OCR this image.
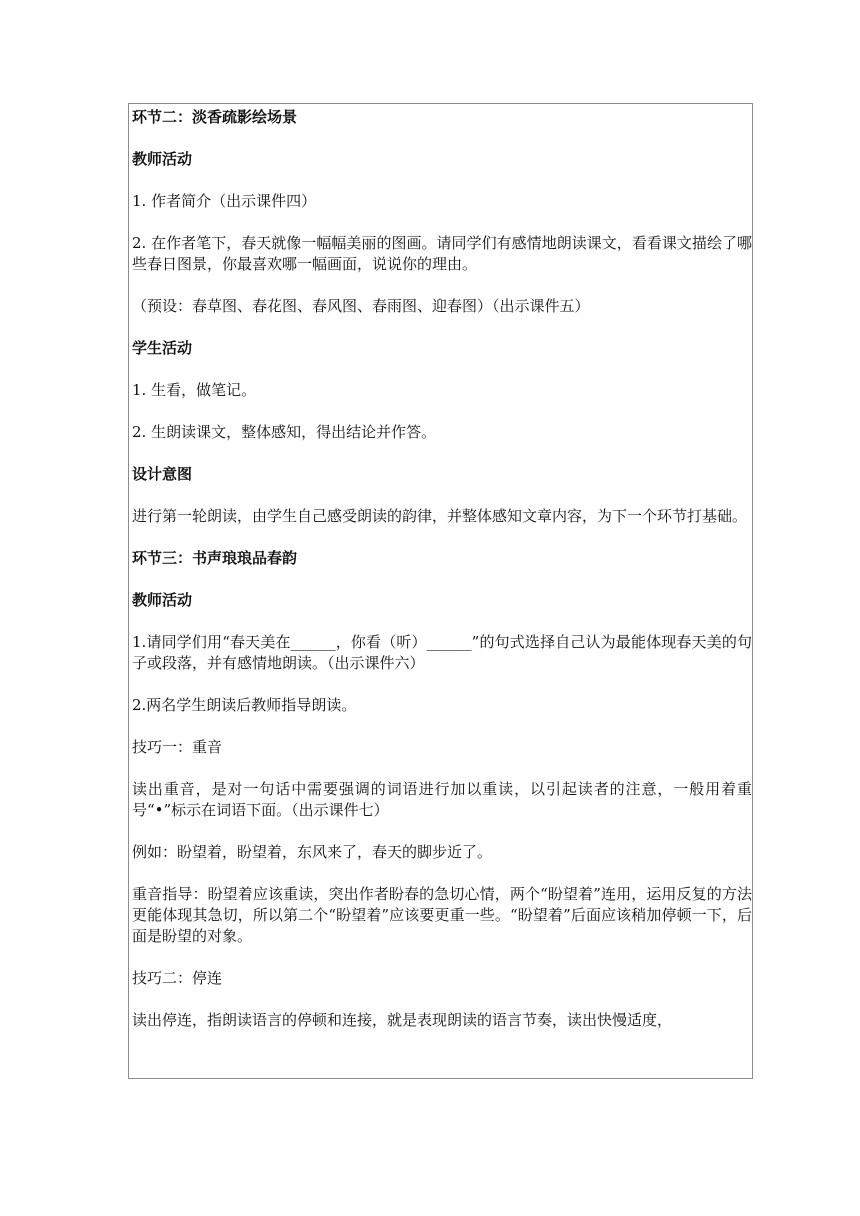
环节二：淡香疏影绘场景

教师活动

1. 作者简介（出示课件四）

2. 在作者笔下，春天就像一幅幅美丽的图画。请同学们有感情地朗读课文，看看课文描绘了哪些春日图景，你最喜欢哪一幅画面，说说你的理由。

（预设：春草图、春花图、春风图、春雨图、迎春图）（出示课件五）

学生活动

1. 生看，做笔记。

2. 生朗读课文，整体感知，得出结论并作答。

设计意图

进行第一轮朗读，由学生自己感受朗读的韵律，并整体感知文章内容，为下一个环节打基础。

环节三：书声琅琅品春韵

教师活动

1.请同学们用“春天美在______，你看（听）______”的句式选择自己认为最能体现春天美的句子或段落，并有感情地朗读。（出示课件六）

2.两名学生朗读后教师指导朗读。

技巧一：重音

读出重音，是对一句话中需要强调的词语进行加以重读，以引起读者的注意，一般用着重号“•”标示在词语下面。（出示课件七）

例如：盼望着，盼望着，东风来了，春天的脚步近了。

重音指导：盼望着应该重读，突出作者盼春的急切心情，两个“盼望着”连用，运用反复的方法更能体现其急切，所以第二个“盼望着”应该要更重一些。“盼望着”后面应该稍加停顿一下，后面是盼望的对象。

技巧二：停连

读出停连，指朗读语言的停顿和连接，就是表现朗读的语言节奏，读出快慢适度，
